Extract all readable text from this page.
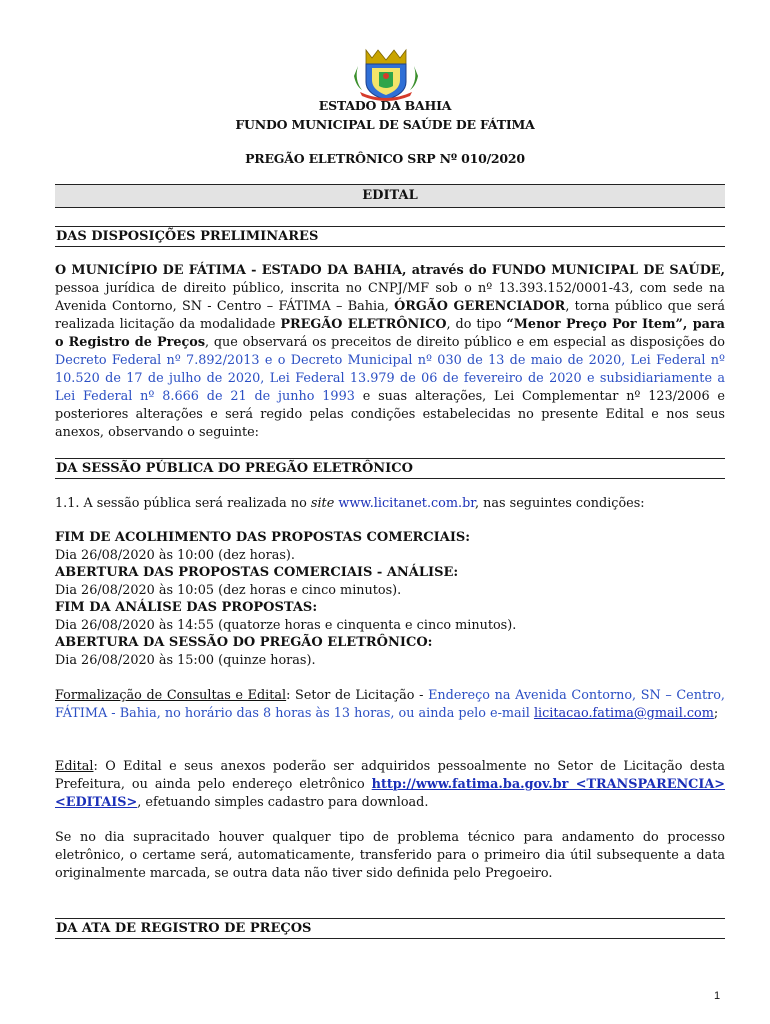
ESTADO DA BAHIA
FUNDO MUNICIPAL DE SAÚDE DE FÁTIMA
PREGÃO ELETRÔNICO SRP Nº 010/2020
EDITAL
DAS DISPOSIÇÕES PRELIMINARES

O MUNICÍPIO DE FÁTIMA - ESTADO DA BAHIA, através do FUNDO MUNICIPAL DE SAÚDE, pessoa jurídica de direito público, inscrita no CNPJ/MF sob o nº 13.393.152/0001-43, com sede na Avenida Contorno, SN - Centro – FÁTIMA – Bahia, ÓRGÃO GERENCIADOR, torna público que será realizada licitação da modalidade PREGÃO ELETRÔNICO, do tipo “Menor Preço Por Item”, para o Registro de Preços, que observará os preceitos de direito público e em especial as disposições do Decreto Federal nº 7.892/2013 e o Decreto Municipal nº 030 de 13 de maio de 2020, Lei Federal nº 10.520 de 17 de julho de 2020, Lei Federal 13.979 de 06 de fevereiro de 2020 e subsidiariamente a Lei Federal nº 8.666 de 21 de junho 1993 e suas alterações, Lei Complementar nº 123/2006 e posteriores alterações e será regido pelas condições estabelecidas no presente Edital e nos seus anexos, observando o seguinte:

DA SESSÃO PÚBLICA DO PREGÃO ELETRÔNICO

1.1. A sessão pública será realizada no site www.licitanet.com.br, nas seguintes condições:

FIM DE ACOLHIMENTO DAS PROPOSTAS COMERCIAIS:
Dia 26/08/2020 às 10:00 (dez horas).
ABERTURA DAS PROPOSTAS COMERCIAIS - ANÁLISE:
Dia 26/08/2020 às 10:05 (dez horas e cinco minutos).
FIM DA ANÁLISE DAS PROPOSTAS:
Dia 26/08/2020 às 14:55 (quatorze horas e cinquenta e cinco minutos).
ABERTURA DA SESSÃO DO PREGÃO ELETRÔNICO:
Dia 26/08/2020 às 15:00 (quinze horas).

Formalização de Consultas e Edital: Setor de Licitação - Endereço na Avenida Contorno, SN – Centro, FÁTIMA - Bahia, no horário das 8 horas às 13 horas, ou ainda pelo e-mail licitacao.fatima@gmail.com;

Edital: O Edital e seus anexos poderão ser adquiridos pessoalmente no Setor de Licitação desta Prefeitura, ou ainda pelo endereço eletrônico http://www.fatima.ba.gov.br <TRANSPARENCIA> <EDITAIS>, efetuando simples cadastro para download.

Se no dia supracitado houver qualquer tipo de problema técnico para andamento do processo eletrônico, o certame será, automaticamente, transferido para o primeiro dia útil subsequente a data originalmente marcada, se outra data não tiver sido definida pelo Pregoeiro.

DA ATA DE REGISTRO DE PREÇOS
1
